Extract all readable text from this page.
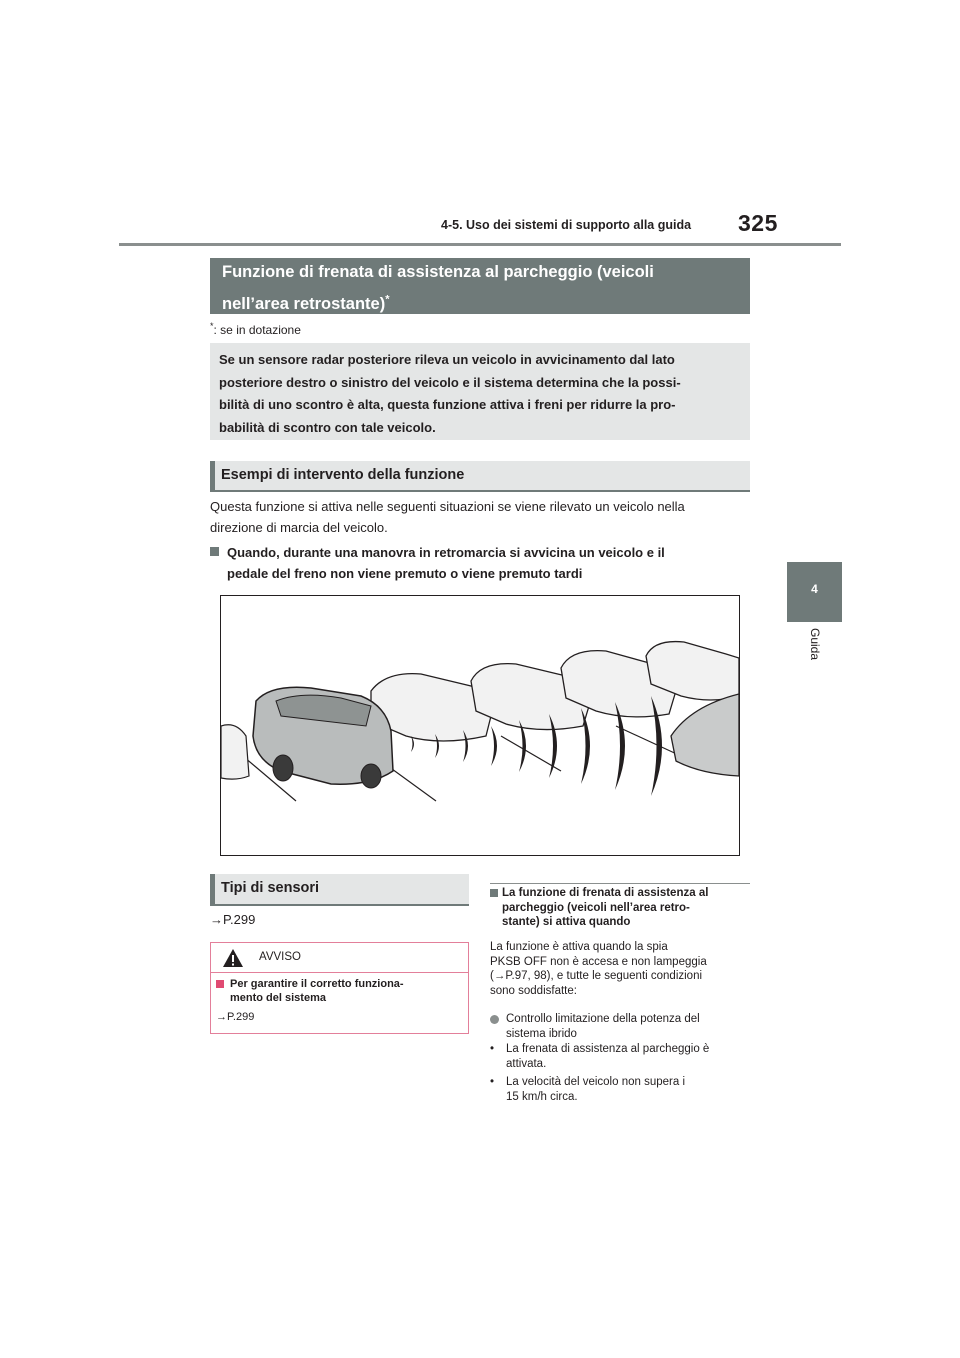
4-5. Uso dei sistemi di supporto alla guida 325
4
Guida
Funzione di frenata di assistenza al parcheggio (veicoli
nell’area retrostante)*
*: se in dotazione
Se un sensore radar posteriore rileva un veicolo in avvicinamento dal lato
posteriore destro o sinistro del veicolo e il sistema determina che la possi-
bilità di uno scontro è alta, questa funzione attiva i freni per ridurre la pro-
babilità di scontro con tale veicolo.
Esempi di intervento della funzione
Questa funzione si attiva nelle seguenti situazioni se viene rilevato un veicolo nella
direzione di marcia del veicolo.
Quando, durante una manovra in retromarcia si avvicina un veicolo e il
pedale del freno non viene premuto o viene premuto tardi
Tipi di sensori
→P.299
AVVISO
Per garantire il corretto funziona-
mento del sistema
→P.299
La funzione di frenata di assistenza al
parcheggio (veicoli nell’area retro-
stante) si attiva quando
La funzione è attiva quando la spia
PKSB OFF non è accesa e non lampeggia
(→P.97, 98), e tutte le seguenti condizioni
sono soddisfatte:
Controllo limitazione della potenza del
sistema ibrido
• La frenata di assistenza al parcheggio è
attivata.
• La velocità del veicolo non supera i
15 km/h circa.
